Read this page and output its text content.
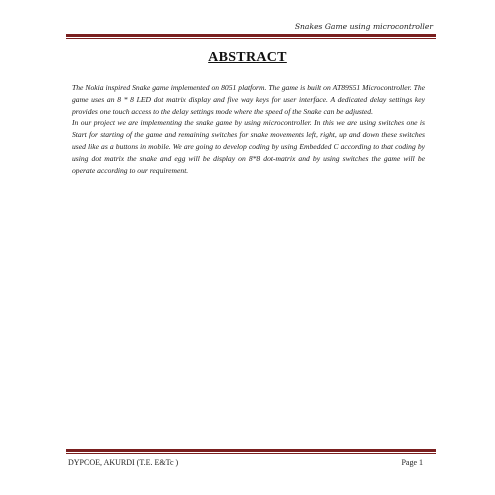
Snakes Game using microcontroller
ABSTRACT

The Nokia inspired Snake game implemented on 8051 platform. The game is built on AT89S51 Microcontroller. The game uses an 8 * 8 LED dot matrix display and five way keys for user interface. A dedicated delay settings key provides one touch access to the delay settings mode where the speed of the Snake can be adjusted.

In our project we are implementing the snake game by using microcontroller. In this we are using switches one is Start for starting of the game and remaining switches for snake movements left, right, up and down these switches used like as a buttons in mobile. We are going to develop coding by using Embedded C according to that coding by using dot matrix the snake and egg will be display on 8*8 dot-matrix and by using switches the game will be operate according to our requirement.

DYPCOE, AKURDI (T.E. E&Tc )	Page 1
